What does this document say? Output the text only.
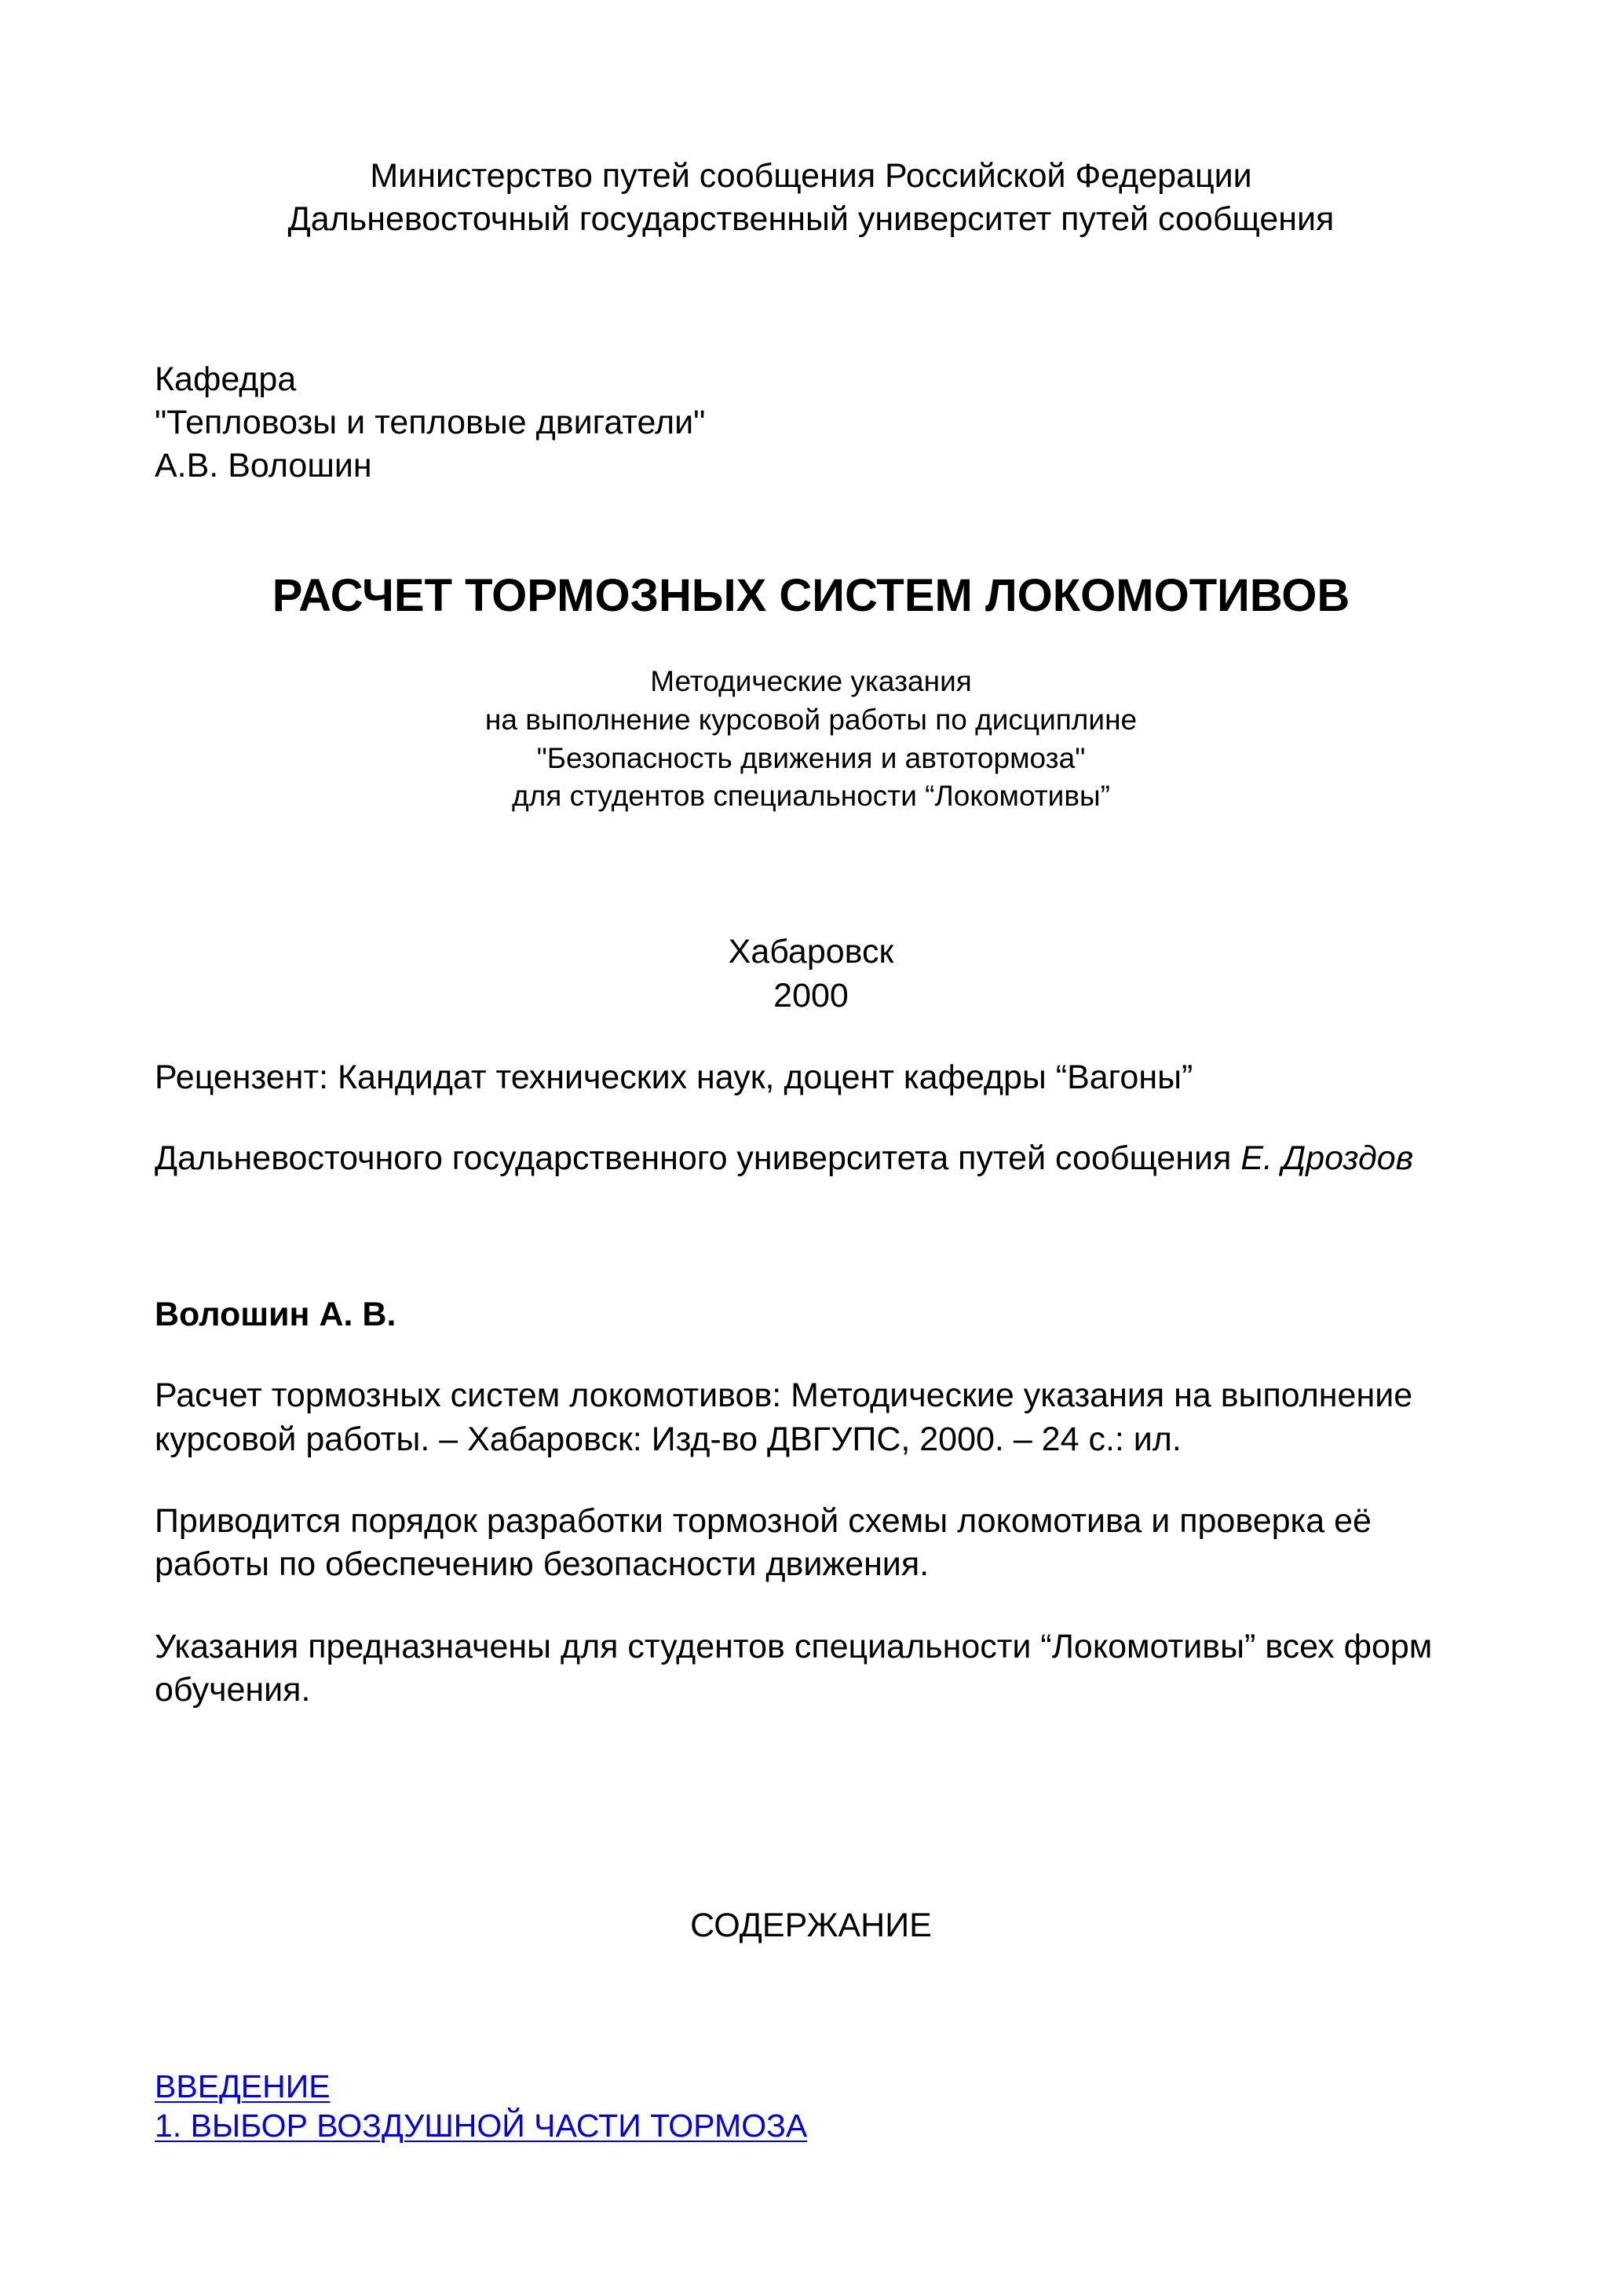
Министерство путей сообщения Российской Федерации
Дальневосточный государственный университет путей сообщения
Кафедра
"Тепловозы и тепловые двигатели"
А.В. Волошин
РАСЧЕТ ТОРМОЗНЫХ СИСТЕМ ЛОКОМОТИВОВ
Методические указания
на выполнение курсовой работы по дисциплине
"Безопасность движения и автотормоза"
для студентов специальности “Локомотивы”
Хабаровск
2000
Рецензент: Кандидат технических наук, доцент кафедры “Вагоны”
Дальневосточного государственного университета путей сообщения Е. Дроздов
Волошин А. В.
Расчет тормозных систем локомотивов: Методические указания на выполнение
курсовой работы. – Хабаровск: Изд-во ДВГУПС, 2000. – 24 с.: ил.
Приводится порядок разработки тормозной схемы локомотива и проверка её
работы по обеспечению безопасности движения.
Указания предназначены для студентов специальности “Локомотивы” всех форм
обучения.
СОДЕРЖАНИЕ
ВВЕДЕНИЕ
1. ВЫБОР ВОЗДУШНОЙ ЧАСТИ ТОРМОЗА
